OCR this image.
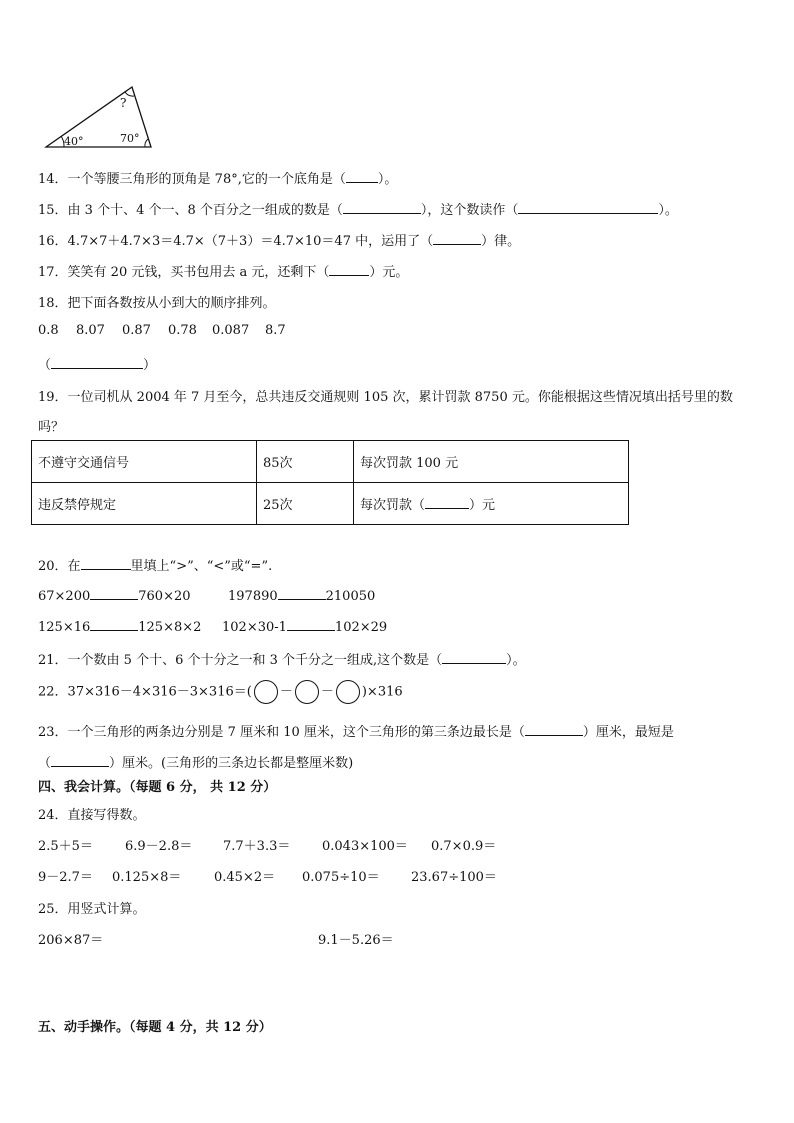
?
40°	70°
14．一个等腰三角形的顶角是 78°,它的一个底角是（ ）。
15．由 3 个十、4 个一、8 个百分之一组成的数是（	），这个数读作（	）。
16．4.7×7＋4.7×3＝4.7×（7＋3）＝4.7×10＝47 中，运用了（	）律。
17．笑笑有 20 元钱，买书包用去 a 元，还剩下（	）元。
18．把下面各数按从小到大的顺序排列。
0.8 8.07 0.87 0.78 0.087 8.7
（	）
19．一位司机从 2004 年 7 月至今，总共违反交通规则 105 次，累计罚款 8750 元。你能根据这些情况填出括号里的数
吗？
不遵守交通信号	85次	每次罚款 100 元
违反禁停规定	25次	每次罚款（ ）元
20．在	里填上“>”、“<”或“=”.
67×200	760×20	197890	210050
125×16	125×8×2 102×30-1	102×29
21．一个数由 5 个十、6 个十分之一和 3 个千分之一组成,这个数是（	）。
22．37×316－4×316－3×316＝( － － )×316
23．一个三角形的两条边分别是 7 厘米和 10 厘米，这个三角形的第三条边最长是（	）厘米，最短是
（	）厘米。(三角形的三条边长都是整厘米数)
四、我会计算。（每题 6 分， 共 12 分）
24．直接写得数。
2.5＋5＝ 6.9－2.8＝ 7.7＋3.3＝ 0.043×100＝ 0.7×0.9＝
9－2.7＝ 0.125×8＝	0.45×2＝ 0.075÷10＝ 23.67÷100＝
25．用竖式计算。
206×87＝	9.1－5.26＝
五、动手操作。（每题 4 分，共 12 分）
